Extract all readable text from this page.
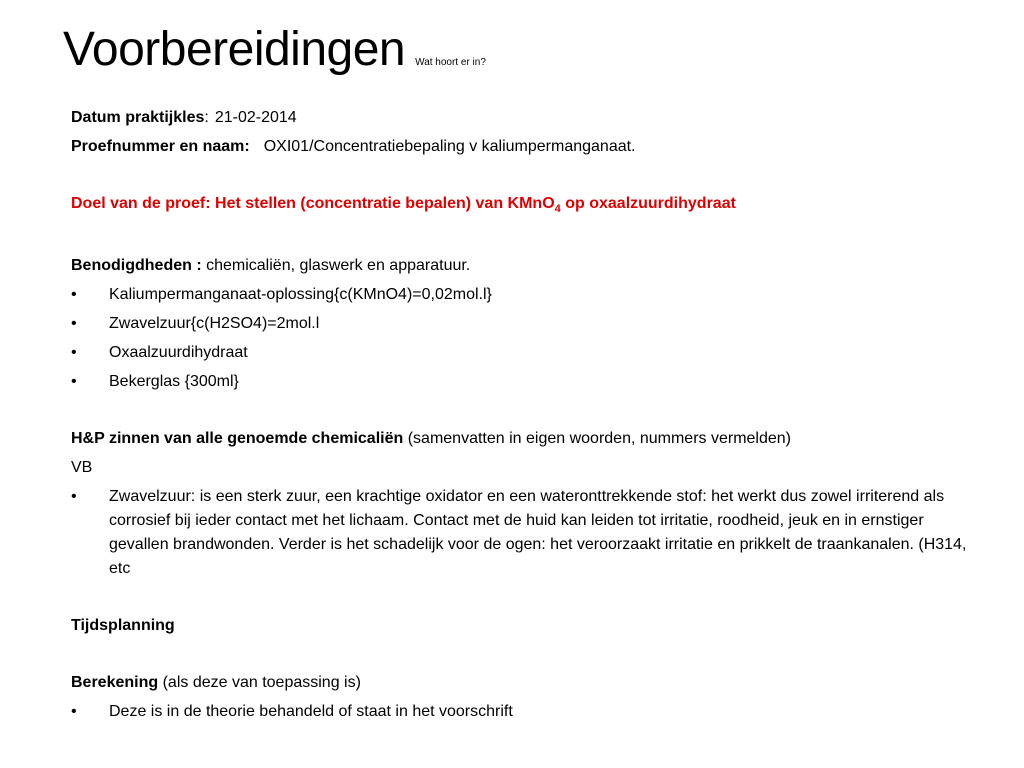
Voorbereidingen Wat hoort er in?
Datum praktijkles: 21-02-2014
Proefnummer en naam: OXI01/Concentratiebepaling v kaliumpermanganaat.
Doel van de proef: Het stellen (concentratie bepalen) van KMnO$_4$ op oxaalzuurdihydraat
Benodigdheden : chemicaliën, glaswerk en apparatuur.
• Kaliumpermanganaat-oplossing{c(KMnO4)=0,02mol.l}
• Zwavelzuur{c(H2SO4)=2mol.l
• Oxaalzuurdihydraat
• Bekerglas {300ml}
H&P zinnen van alle genoemde chemicaliën (samenvatten in eigen woorden, nummers vermelden)
VB
• Zwavelzuur: is een sterk zuur, een krachtige oxidator en een wateronttrekkende stof: het werkt dus zowel irriterend als corrosief bij ieder contact met het lichaam. Contact met de huid kan leiden tot irritatie, roodheid, jeuk en in ernstiger gevallen brandwonden. Verder is het schadelijk voor de ogen: het veroorzaakt irritatie en prikkelt de traankanalen. (H314, etc
Tijdsplanning
Berekening (als deze van toepassing is)
• Deze is in de theorie behandeld of staat in het voorschrift
